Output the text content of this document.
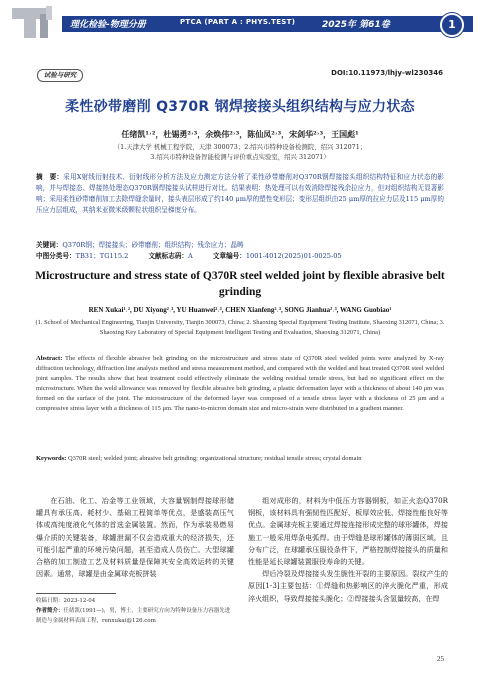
理化检验-物理分册	PTCA (PART A : PHYS.TEST)	2025年 第61卷	1
试验与研究	DOI:10.11973/lhjy-wl230346
柔性砂带磨削 Q370R 钢焊接接头组织结构与应力状态
任绪凯¹˒²，杜锡勇²˒³，余焕伟²˒³，陈仙凤²˒³，宋剑华²˒³，王国彪¹
（1.天津大学 机械工程学院，天津 300073；2.绍兴市特种设备检测院，绍兴 312071；
3.绍兴市特种设备智能检测与评价重点实验室，绍兴 312071）
摘　要：采用X射线衍射技术、衍射线形分析方法及应力测定方法分析了柔性砂带磨削对Q370R钢焊接接头组织结构特征和应力状态的影响，并与焊接态、焊接热处理态Q370R钢焊接接头试样进行对比。结果表明：热处理可以有效消除焊接残余拉应力，但对组织结构无显著影响；采用柔性砂带磨削加工去除焊缝余量时，接头表层形成了约140 μm厚的塑性变形层；变形层组织由25 μm厚的拉应力层及115 μm厚的压应力层组成，其纳米亚微米级颗粒状组织呈梯度分布。
关键词：Q370R钢；焊接接头；砂带磨削；组织结构；残余应力；晶畴
中图分类号：TB31；TG115.2	文献标志码：A	文章编号：1001-4012(2025)01-0025-05
Microstructure and stress state of Q370R steel welded joint by flexible abrasive belt grinding
REN Xukai¹˒², DU Xiyong²˒³, YU Huanwei²˒³, CHEN Xianfeng²˒³, SONG Jianhua²˒³, WANG Guobiao¹
(1. School of Mechanical Engineering, Tianjin University, Tianjin 300073, China; 2. Shaoxing Special Equipment Testing Institute, Shaoxing 312071, China; 3. Shaoxing Key Laboratory of Special Equipment Intelligent Testing and Evaluation, Shaoxing 312071, China)
Abstract: The effects of flexible abrasive belt grinding on the microstructure and stress state of Q370R steel welded joints were analyzed by X-ray diffraction technology, diffraction line analysis method and stress measurement method, and compared with the welded and heat treated Q370R steel welded joint samples. The results show that heat treatment could effectively eliminate the welding residual tensile stress, but had no significant effect on the microstructure. When the weld allowance was removed by flexible abrasive belt grinding, a plastic deformation layer with a thickness of about 140 μm was formed on the surface of the joint. The microstructure of the deformed layer was composed of a tensile stress layer with a thickness of 25 μm and a compressive stress layer with a thickness of 115 μm. The nano-to-micron domain size and micro-strain were distributed in a gradient manner.
Keywords: Q370R steel; welded joint; abrasive belt grinding; organizational structure; residual tensile stress; crystal domain

在石油、化工、冶金等工业领域，大容量钢制焊接球形储罐具有承压高、耗材少、基础工程简单等优点，是盛装高压气体或高纯度液化气体的首选金属装置。然而，作为承装易燃易爆介质的关键装备，球罐泄漏不仅会造成重大的经济损失，还可能引起严重的环境污染问题，甚至造成人员伤亡。大型球罐合格的加工制造工艺及材料质量是保障其安全高效运转的关键因素。通常，球罐是由金属球壳板拼装

组对成形的，材料为中低压力容器钢板，如正火态Q370R钢板，该材料具有强韧性匹配好、板厚效应低、焊接性能良好等优点。金属球壳板主要通过焊接连接形成完整的球形罐体，焊接施工一般采用焊条电弧焊。由于焊缝是球形罐体的薄弱区域，且分布广泛，在球罐承压服役条件下，严格控制焊接接头的质量和性能是延长球罐装置服役寿命的关键。

焊后冷裂及焊接接头发生脆性开裂的主要原因。裂纹产生的原因[1-3]主要包括：①焊缝和热影响区的淬火脆化严重，形成淬火组织，导致焊接接头脆化；②焊接接头含氢量较高，在焊

收稿日期：2023-12-04
作者简介：任绪凯(1991—)，男，博士，主要研究方向为特种设备压力容器先进制造与金属材料表面工程，renxukai@126.com
25
